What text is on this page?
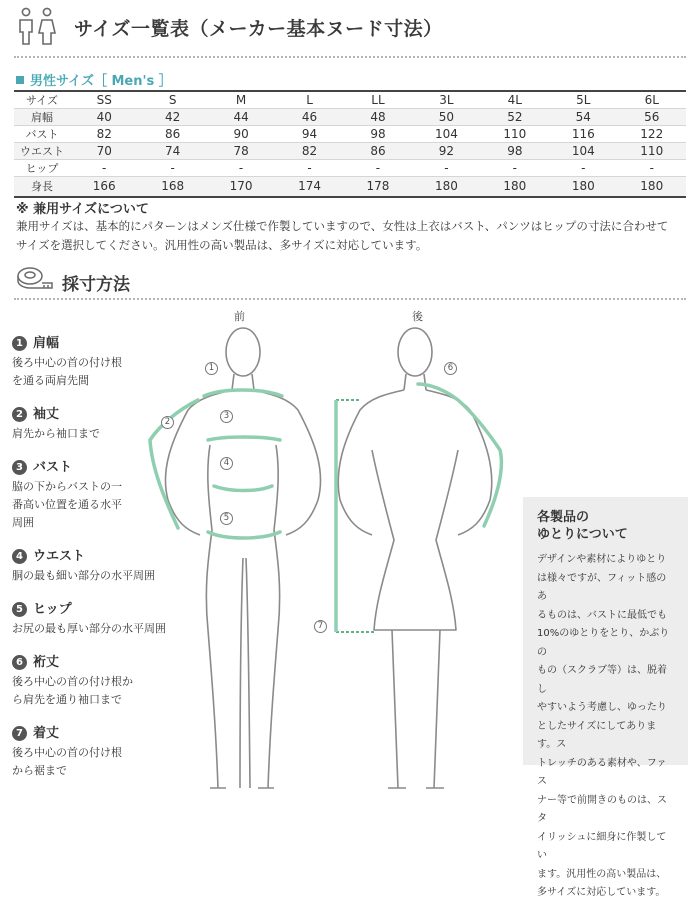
サイズ一覧表（メーカー基本ヌード寸法）
男性サイズ［ Men's ］
サイズ	SS	S	M	L	LL	3L	4L	5L	6L
肩幅	40	42	44	46	48	50	52	54	56
バスト	82	86	90	94	98	104	110	116	122
ウエスト	70	74	78	82	86	92	98	104	110
ヒップ	-	-	-	-	-	-	-	-	-
身長	166	168	170	174	178	180	180	180	180
※ 兼用サイズについて
兼用サイズは、基本的にパターンはメンズ仕様で作製していますので、女性は上衣はバスト、パンツはヒップの寸法に合わせて
サイズを選択してください。汎用性の高い製品は、多サイズに対応しています。
採寸方法
1 肩幅
後ろ中心の首の付け根
を通る両肩先間
2 袖丈
肩先から袖口まで
3 バスト
脇の下からバストの一
番高い位置を通る水平
周囲
4 ウエスト
胴の最も細い部分の水平周囲
5 ヒップ
お尻の最も厚い部分の水平周囲
6 裄丈
後ろ中心の首の付け根か
ら肩先を通り袖口まで
7 着丈
後ろ中心の首の付け根
から裾まで
前	後
1
2
3
4
5
6
7
各製品の
ゆとりについて
デザインや素材によりゆとり
は様々ですが、フィット感のあ
るものは、バストに最低でも
10%のゆとりをとり、かぶりの
もの（スクラブ等）は、脱着し
やすいよう考慮し、ゆったり
としたサイズにしてあります。ス
トレッチのある素材や、ファス
ナー等で前開きのものは、スタ
イリッシュに細身に作製してい
ます。汎用性の高い製品は、
多サイズに対応しています。
